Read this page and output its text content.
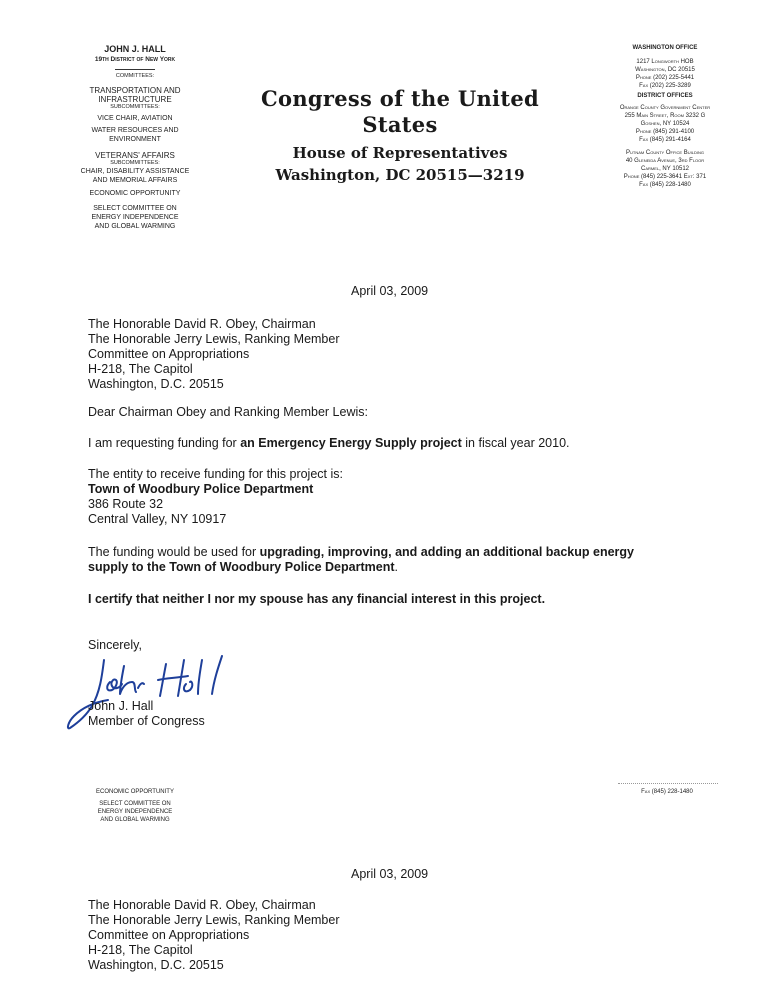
JOHN J. HALL
19th District of New York
COMMITTEES:
TRANSPORTATION AND
INFRASTRUCTURE
SUBCOMMITTEES:
VICE CHAIR, AVIATION
WATER RESOURCES AND
ENVIRONMENT
VETERANS' AFFAIRS
SUBCOMMITTEES:
CHAIR, DISABILITY ASSISTANCE
AND MEMORIAL AFFAIRS
ECONOMIC OPPORTUNITY
SELECT COMMITTEE ON
ENERGY INDEPENDENCE
AND GLOBAL WARMING
Congress of the United States
House of Representatives
Washington, DC 20515—3219
WASHINGTON OFFICE
1217 Longworth HOB
Washington, DC 20515
Phone (202) 225-5441
Fax (202) 225-3289
DISTRICT OFFICES
Orange County Government Center
255 Main Street, Room 3232 G
Goshen, NY 10524
Phone (845) 291-4100
Fax (845) 291-4164
Putnam County Office Building
40 Gleneida Avenue, 3rd Floor
Carmel, NY 10512
Phone (845) 225-3641 Ext: 371
Fax (845) 228-1480
April 03, 2009
The Honorable David R. Obey, Chairman
The Honorable Jerry Lewis, Ranking Member
Committee on Appropriations
H-218, The Capitol
Washington, D.C. 20515
Dear Chairman Obey and Ranking Member Lewis:
I am requesting funding for an Emergency Energy Supply project in fiscal year 2010.
The entity to receive funding for this project is:
Town of Woodbury Police Department
386 Route 32
Central Valley, NY 10917
The funding would be used for upgrading, improving, and adding an additional backup energy
supply to the Town of Woodbury Police Department.
I certify that neither I nor my spouse has any financial interest in this project.
Sincerely,
John J. Hall
Member of Congress
ECONOMIC OPPORTUNITY
SELECT COMMITTEE ON
ENERGY INDEPENDENCE
AND GLOBAL WARMING
Fax (845) 228-1480
April 03, 2009
The Honorable David R. Obey, Chairman
The Honorable Jerry Lewis, Ranking Member
Committee on Appropriations
H-218, The Capitol
Washington, D.C. 20515
